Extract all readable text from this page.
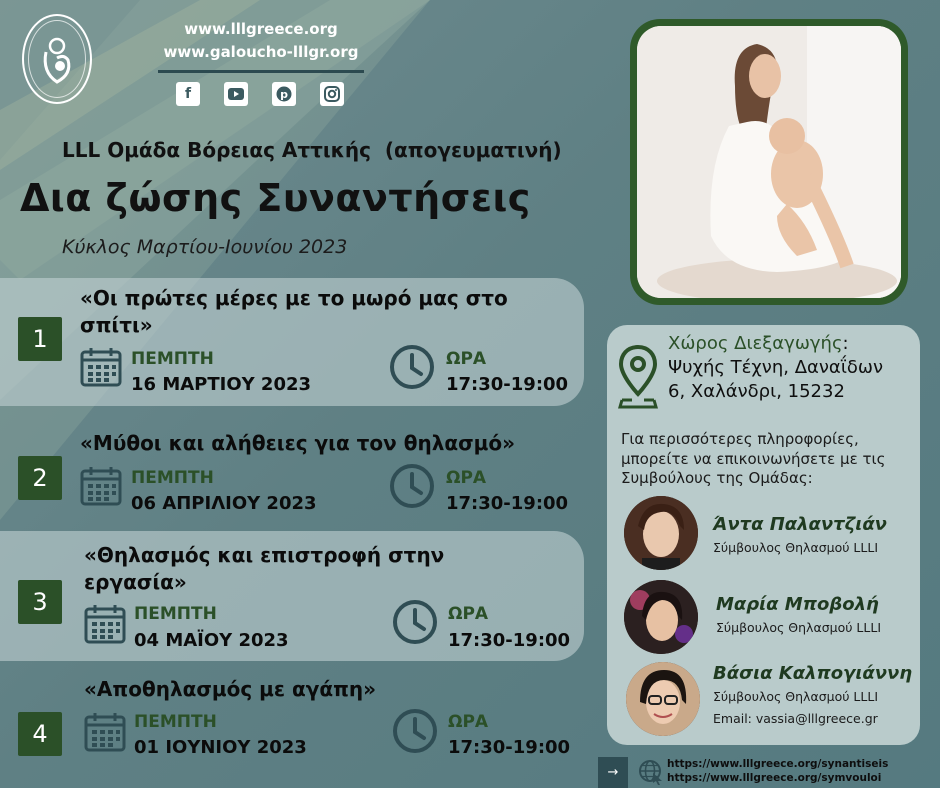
www.lllgreece.org
www.galoucho-lllgr.org
f	p
LLL Ομάδα Βόρειας Αττικής  (απογευματινή)
Δια ζώσης Συναντήσεις
Κύκλος Μαρτίου-Ιουνίου 2023
«Οι πρώτες μέρες με το μωρό μας στο
σπίτι»
1
ΠΕΜΠΤΗ
16 ΜΑΡΤΙΟΥ 2023
ΩΡΑ
17:30-19:00
«Μύθοι και αλήθειες για τον θηλασμό»
2	ΠΕΜΠΤΗ
06 ΑΠΡΙΛΙΟΥ 2023
ΩΡΑ
17:30-19:00
«Θηλασμός και επιστροφή στην
εργασία»
3	ΠΕΜΠΤΗ
04 ΜΑΪΟΥ 2023
ΩΡΑ
17:30-19:00
«Αποθηλασμός με αγάπη»
4	ΠΕΜΠΤΗ
01 ΙΟΥΝΙΟΥ 2023
ΩΡΑ
17:30-19:00
Χώρος Διεξαγωγής:
Ψυχής Τέχνη, Δαναΐδων
6, Χαλάνδρι, 15232
Για περισσότερες πληροφορίες,
μπορείτε να επικοινωνήσετε με τις
Συμβούλους της Ομάδας:
Άντα Παλαντζιάν
Σύμβουλος Θηλασμού LLLI
Μαρία Μποβολή
Σύμβουλος Θηλασμού LLLI
Βάσια Καλπογιάννη
Σύμβουλος Θηλασμού LLLI
Email: vassia@lllgreece.gr
→
https://www.lllgreece.org/synantiseis
https://www.lllgreece.org/symvouloi
